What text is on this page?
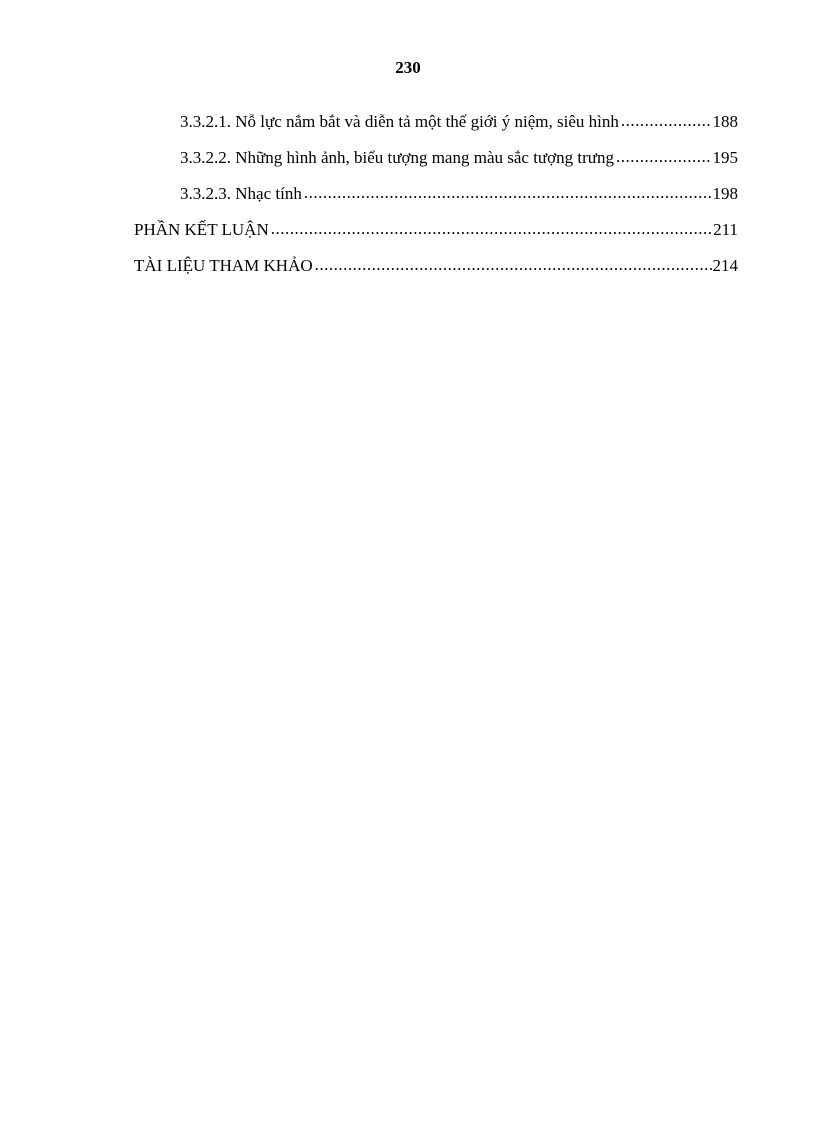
230
3.3.2.1. Nỗ lực nắm bắt và diễn tả một thế giới ý niệm, siêu hình .....	188
3.3.2.2. Những hình ảnh, biểu tượng mang màu sắc tượng trưng .....	195
3.3.2.3. Nhạc tính .....	198
PHẦN KẾT LUẬN .....	211
TÀI LIỆU THAM KHẢO .....	214
